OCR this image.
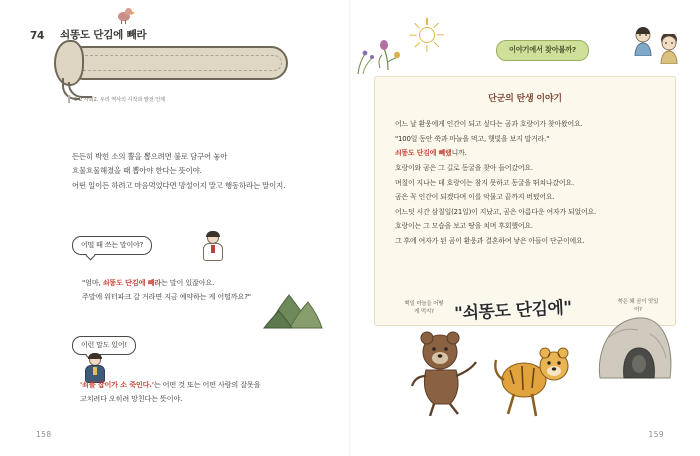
74	쇠똥도 단김에 빼라
5-2 사회2. 우리 역사의 시작과 발전 언제
든든히 박힌 소의 뿔을 뽑으려면 불로 담구어 놓아
흐물흐물해졌을 때 뽑아야 한다는 뜻이야.
어떤 일이든 하려고 마음먹었다면 망설이지 말고 행동하라는 말이지.
어떨 때 쓰는 말이야?
"엄마, 쇠똥도 단김에 빼라는 말이 있잖아요.
주말에 워터파크 갈 거라면 지금 예약하는 게 어떨까요?"
이런 말도 있어!
'쇠뿔 잡이가 소 죽인다.'는 어떤 것 또는 어떤 사람의 잘못을
고치려다 오히려 망친다는 뜻이야.
158
이야기에서 찾아볼까?
단군의 탄생 이야기
어느 날 환웅에게 인간이 되고 싶다는 곰과 호랑이가 찾아왔어요.
"100일 동안 쑥과 마늘을 먹고, 햇빛을 보지 말거라."
쇠똥도 단김에 빼랬니까.
호랑이와 곰은 그 길로 동굴을 찾아 들어갔어요.
며칠이 지나는 데 호랑이는 참지 못하고 동굴을 뛰쳐나갔어요.
곰은 꼭 인간이 되겠다며 이를 악물고 끝까지 버텼어요.
어느덧 시간 삼칠일(21일)이 지났고, 곰은 아름다운 여자가 되었어요.
호랑이는 그 모습을 보고 땅을 치며 후회했어요.
그 후에 여자가 된 곰이 환웅과 결혼하여 낳은 아들이 단군이에요.
백일 마늘을 어떻게 먹지?
쑥은 왜 곰이 맛있어?
"쇠똥도 단김에"
159
